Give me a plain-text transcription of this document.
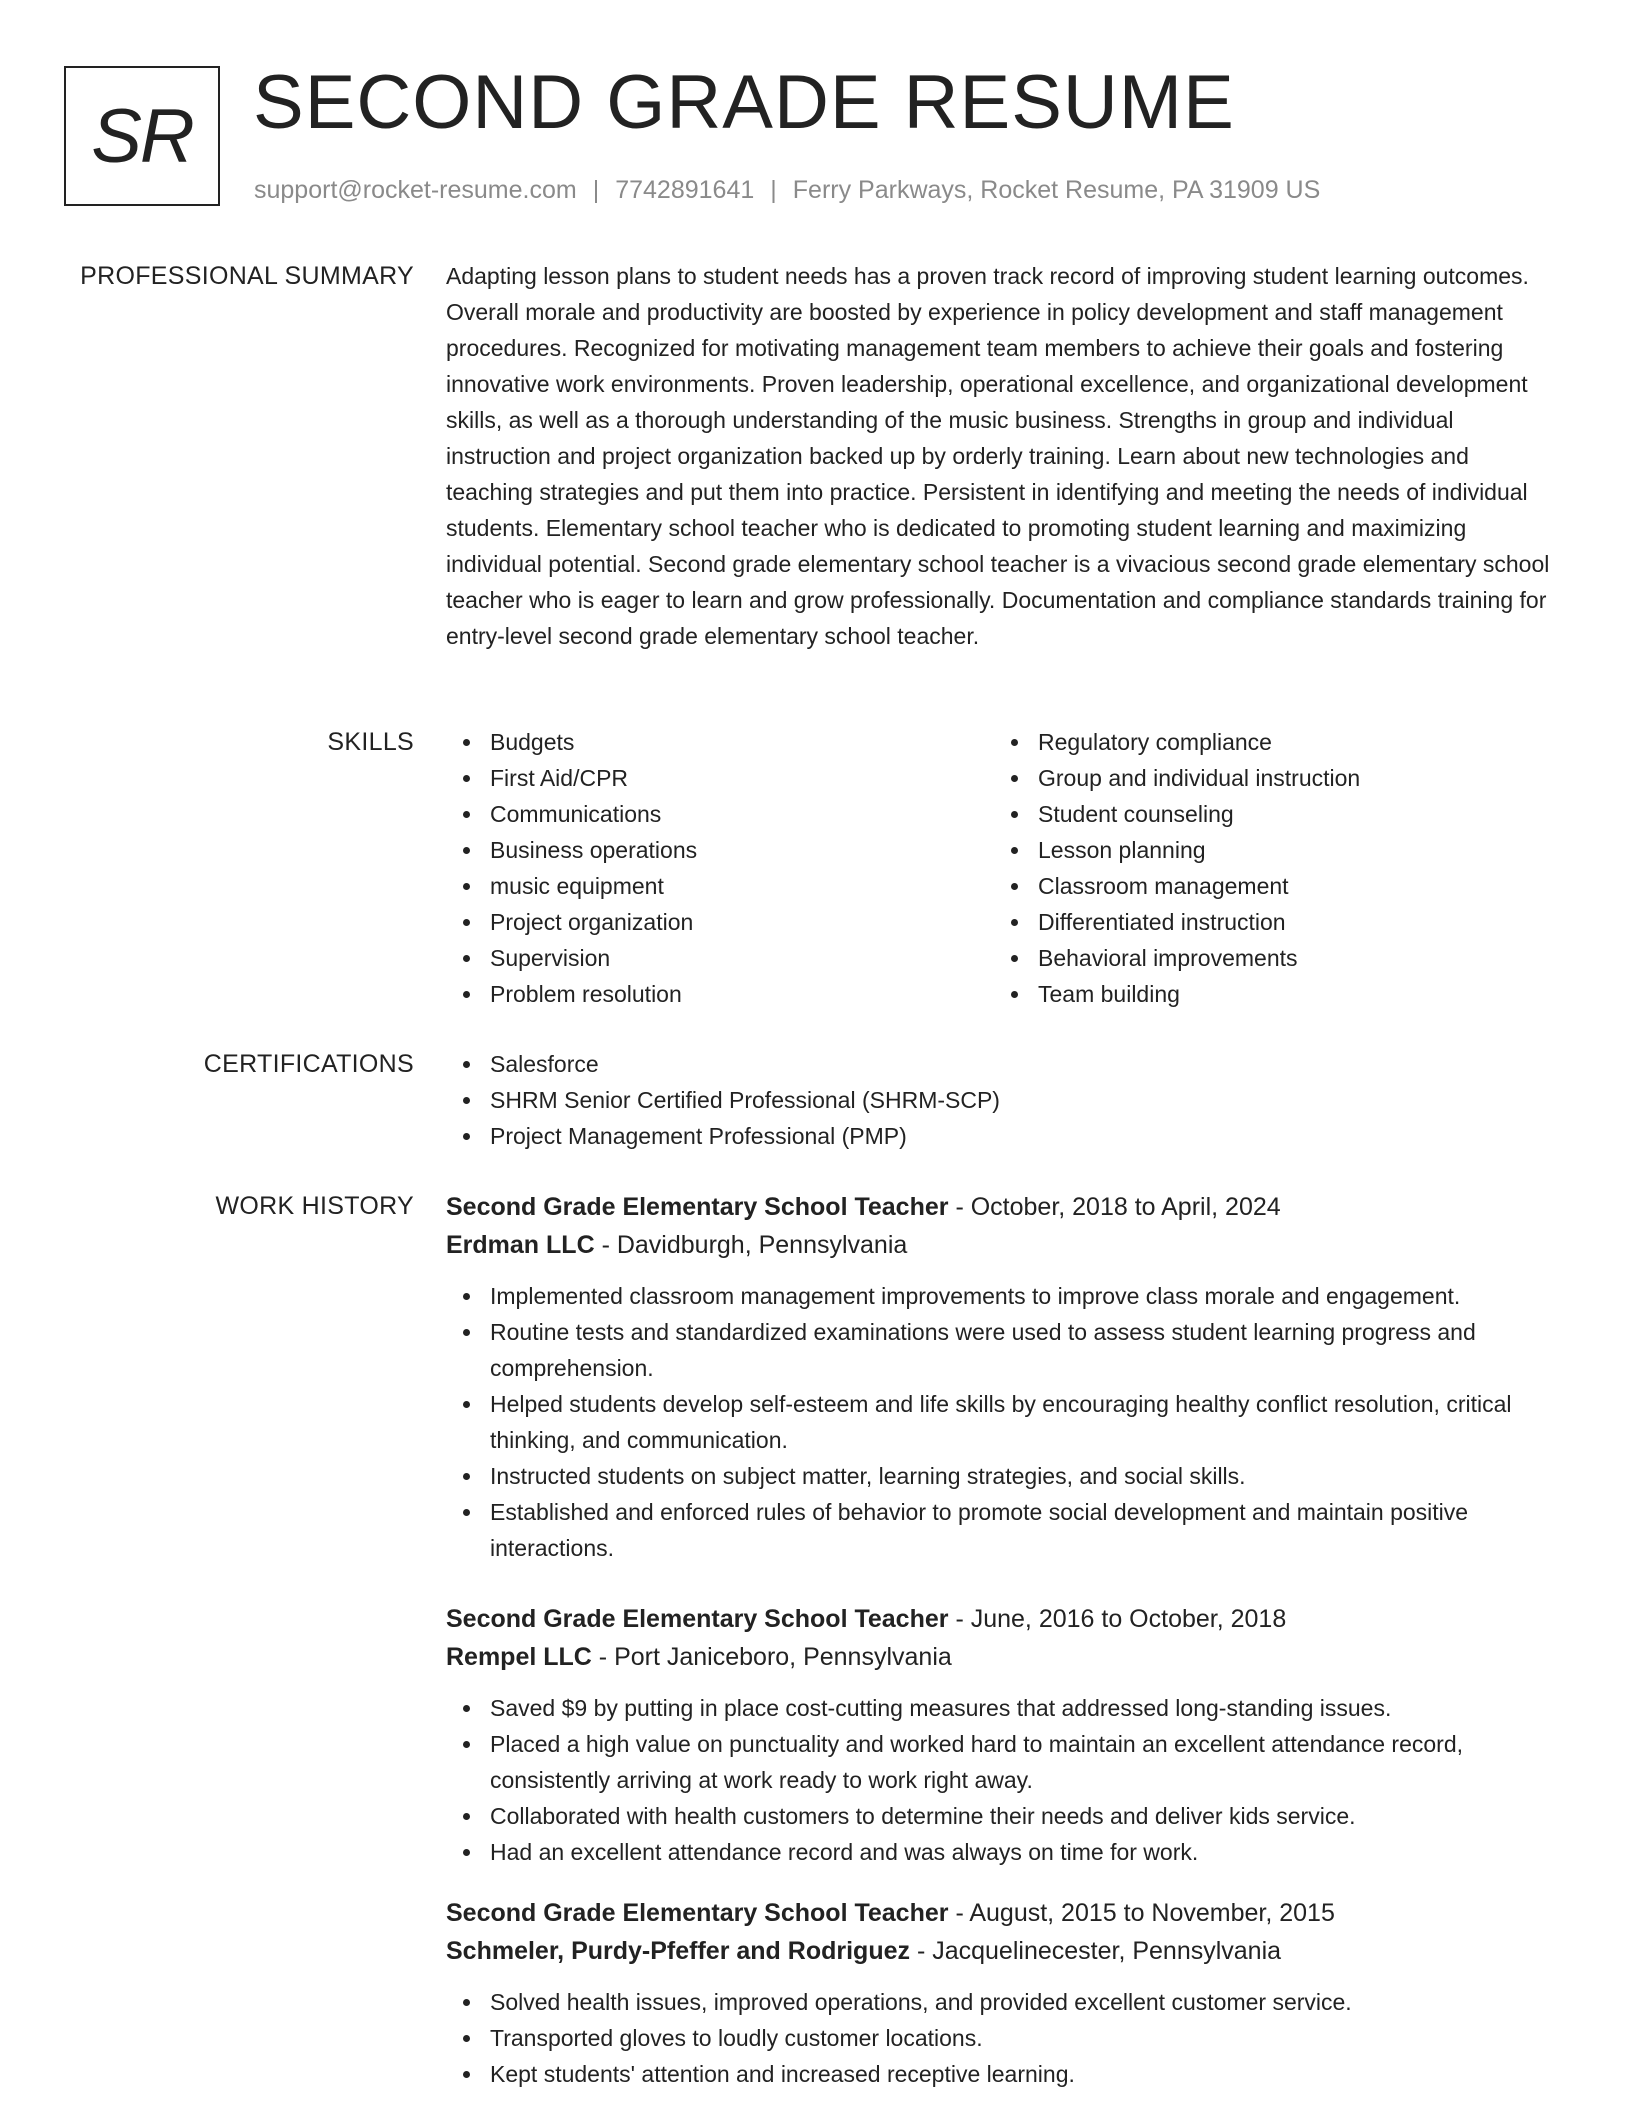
SR SECOND GRADE RESUME
support@rocket-resume.com | 7742891641 | Ferry Parkways, Rocket Resume, PA 31909 US
PROFESSIONAL SUMMARY Adapting lesson plans to student needs has a proven track record of improving student learning outcomes. Overall morale and productivity are boosted by experience in policy development and staff management procedures. Recognized for motivating management team members to achieve their goals and fostering innovative work environments. Proven leadership, operational excellence, and organizational development skills, as well as a thorough understanding of the music business. Strengths in group and individual instruction and project organization backed up by orderly training. Learn about new technologies and teaching strategies and put them into practice. Persistent in identifying and meeting the needs of individual students. Elementary school teacher who is dedicated to promoting student learning and maximizing individual potential. Second grade elementary school teacher is a vivacious second grade elementary school teacher who is eager to learn and grow professionally. Documentation and compliance standards training for entry-level second grade elementary school teacher.

SKILLS	Budgets
First Aid/CPR
Communications
Business operations
music equipment
Project organization
Supervision
Problem resolution
Regulatory compliance
Group and individual instruction
Student counseling
Lesson planning
Classroom management
Differentiated instruction
Behavioral improvements
Team building
CERTIFICATIONS	Salesforce
SHRM Senior Certified Professional (SHRM-SCP)
Project Management Professional (PMP)
WORK HISTORY Second Grade Elementary School Teacher - October, 2018 to April, 2024
Erdman LLC - Davidburgh, Pennsylvania
Implemented classroom management improvements to improve class morale and engagement.
Routine tests and standardized examinations were used to assess student learning progress and comprehension.
Helped students develop self-esteem and life skills by encouraging healthy conflict resolution, critical thinking, and communication.
Instructed students on subject matter, learning strategies, and social skills.
Established and enforced rules of behavior to promote social development and maintain positive interactions.
Second Grade Elementary School Teacher - June, 2016 to October, 2018
Rempel LLC - Port Janiceboro, Pennsylvania
Saved $9 by putting in place cost-cutting measures that addressed long-standing issues.
Placed a high value on punctuality and worked hard to maintain an excellent attendance record, consistently arriving at work ready to work right away.
Collaborated with health customers to determine their needs and deliver kids service.
Had an excellent attendance record and was always on time for work.
Second Grade Elementary School Teacher - August, 2015 to November, 2015
Schmeler, Purdy-Pfeffer and Rodriguez - Jacquelinecester, Pennsylvania
Solved health issues, improved operations, and provided excellent customer service.
Transported gloves to loudly customer locations.
Kept students' attention and increased receptive learning.
